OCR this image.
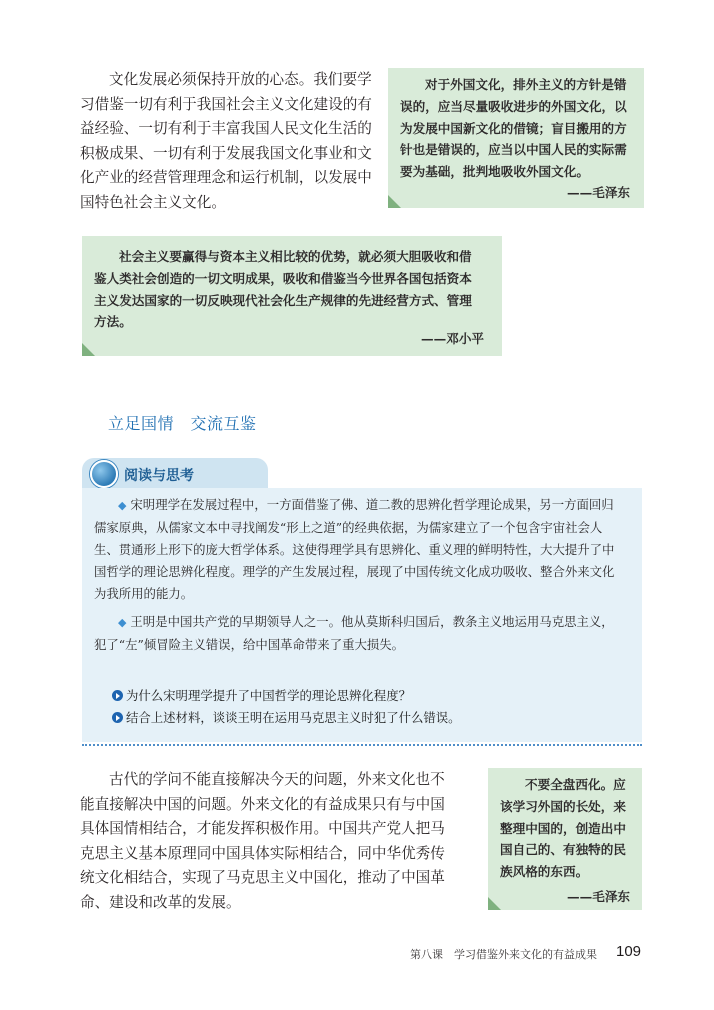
文化发展必须保持开放的心态。我们要学
习借鉴一切有利于我国社会主义文化建设的有
益经验、一切有利于丰富我国人民文化生活的
积极成果、一切有利于发展我国文化事业和文
化产业的经营管理理念和运行机制，以发展中
国特色社会主义文化。
对于外国文化，排外主义的方针是错
误的，应当尽量吸收进步的外国文化，以
为发展中国新文化的借镜；盲目搬用的方
针也是错误的，应当以中国人民的实际需
要为基础，批判地吸收外国文化。
——毛泽东
社会主义要赢得与资本主义相比较的优势，就必须大胆吸收和借
鉴人类社会创造的一切文明成果，吸收和借鉴当今世界各国包括资本
主义发达国家的一切反映现代社会化生产规律的先进经营方式、管理
方法。
——邓小平
立足国情　交流互鉴
阅读与思考
◆ 宋明理学在发展过程中，一方面借鉴了佛、道二教的思辨化哲学理论成果，另一方面回归
儒家原典，从儒家文本中寻找阐发“形上之道”的经典依据，为儒家建立了一个包含宇宙社会人
生、贯通形上形下的庞大哲学体系。这使得理学具有思辨化、重义理的鲜明特性，大大提升了中
国哲学的理论思辨化程度。理学的产生发展过程，展现了中国传统文化成功吸收、整合外来文化
为我所用的能力。
◆ 王明是中国共产党的早期领导人之一。他从莫斯科归国后，教条主义地运用马克思主义，
犯了“左”倾冒险主义错误，给中国革命带来了重大损失。
为什么宋明理学提升了中国哲学的理论思辨化程度？
结合上述材料，谈谈王明在运用马克思主义时犯了什么错误。
古代的学问不能直接解决今天的问题，外来文化也不
能直接解决中国的问题。外来文化的有益成果只有与中国
具体国情相结合，才能发挥积极作用。中国共产党人把马
克思主义基本原理同中国具体实际相结合，同中华优秀传
统文化相结合，实现了马克思主义中国化，推动了中国革
命、建设和改革的发展。
不要全盘西化。应
该学习外国的长处，来
整理中国的，创造出中
国自己的、有独特的民
族风格的东西。
——毛泽东
第八课　学习借鉴外来文化的有益成果 109
